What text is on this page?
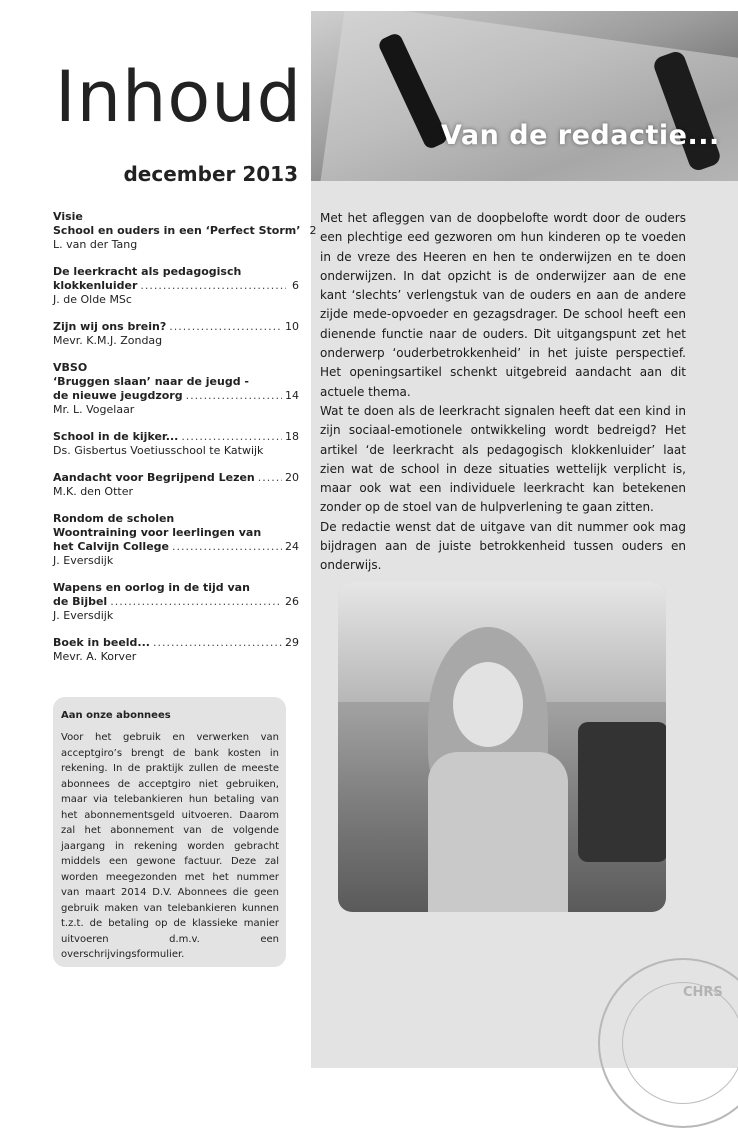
Van de redactie...
Inhoud
december 2013
Visie
School en ouders in een ‘Perfect Storm’ 2
L. van der Tang
De leerkracht als pedagogisch
klokkenluider .....	6
J. de Olde MSc
Zijn wij ons brein? .....	10
Mevr. K.M.J. Zondag
VBSO
‘Bruggen slaan’ naar de jeugd -
de nieuwe jeugdzorg .....	14
Mr. L. Vogelaar
School in de kijker... .....	18
Ds. Gisbertus Voetiusschool te Katwijk
Aandacht voor Begrijpend Lezen .....	20
M.K. den Otter
Rondom de scholen
Woontraining voor leerlingen van
het Calvijn College .....	24
J. Eversdijk
Wapens en oorlog in de tijd van
de Bijbel .....	26
J. Eversdijk
Boek in beeld... .....	29
Mevr. A. Korver
Aan onze abonnees
Voor het gebruik en verwerken van acceptgiro’s brengt de bank kosten in rekening. In de praktijk zullen de meeste abonnees de acceptgiro niet gebruiken, maar via telebankieren hun betaling van het abonnementsgeld uitvoeren. Daarom zal het abonnement van de volgende jaargang in rekening worden gebracht middels een gewone factuur. Deze zal worden meegezonden met het nummer van maart 2014 D.V. Abonnees die geen gebruik maken van telebankieren kunnen t.z.t. de betaling op de klassieke manier uitvoeren d.m.v. een overschrijvingsformulier.

Met het afleggen van de doopbelofte wordt door de ouders een plechtige eed gezworen om hun kinderen op te voeden in de vreze des Heeren en hen te onderwijzen en te doen onderwijzen. In dat opzicht is de onderwijzer aan de ene kant ‘slechts’ verlengstuk van de ouders en aan de andere zijde mede-opvoeder en gezagsdrager. De school heeft een dienende functie naar de ouders. Dit uitgangspunt zet het onderwerp ‘ouderbetrokkenheid’ in het juiste perspectief. Het openingsartikel schenkt uitgebreid aandacht aan dit actuele thema.

Wat te doen als de leerkracht signalen heeft dat een kind in zijn sociaal-emotionele ontwikkeling wordt bedreigd? Het artikel ‘de leerkracht als pedagogisch klokkenluider’ laat zien wat de school in deze situaties wettelijk verplicht is, maar ook wat een individuele leerkracht kan betekenen zonder op de stoel van de hulpverlening te gaan zitten.

De redactie wenst dat de uitgave van dit nummer ook mag bijdragen aan de juiste betrokkenheid tussen ouders en onderwijs.

CHRS
